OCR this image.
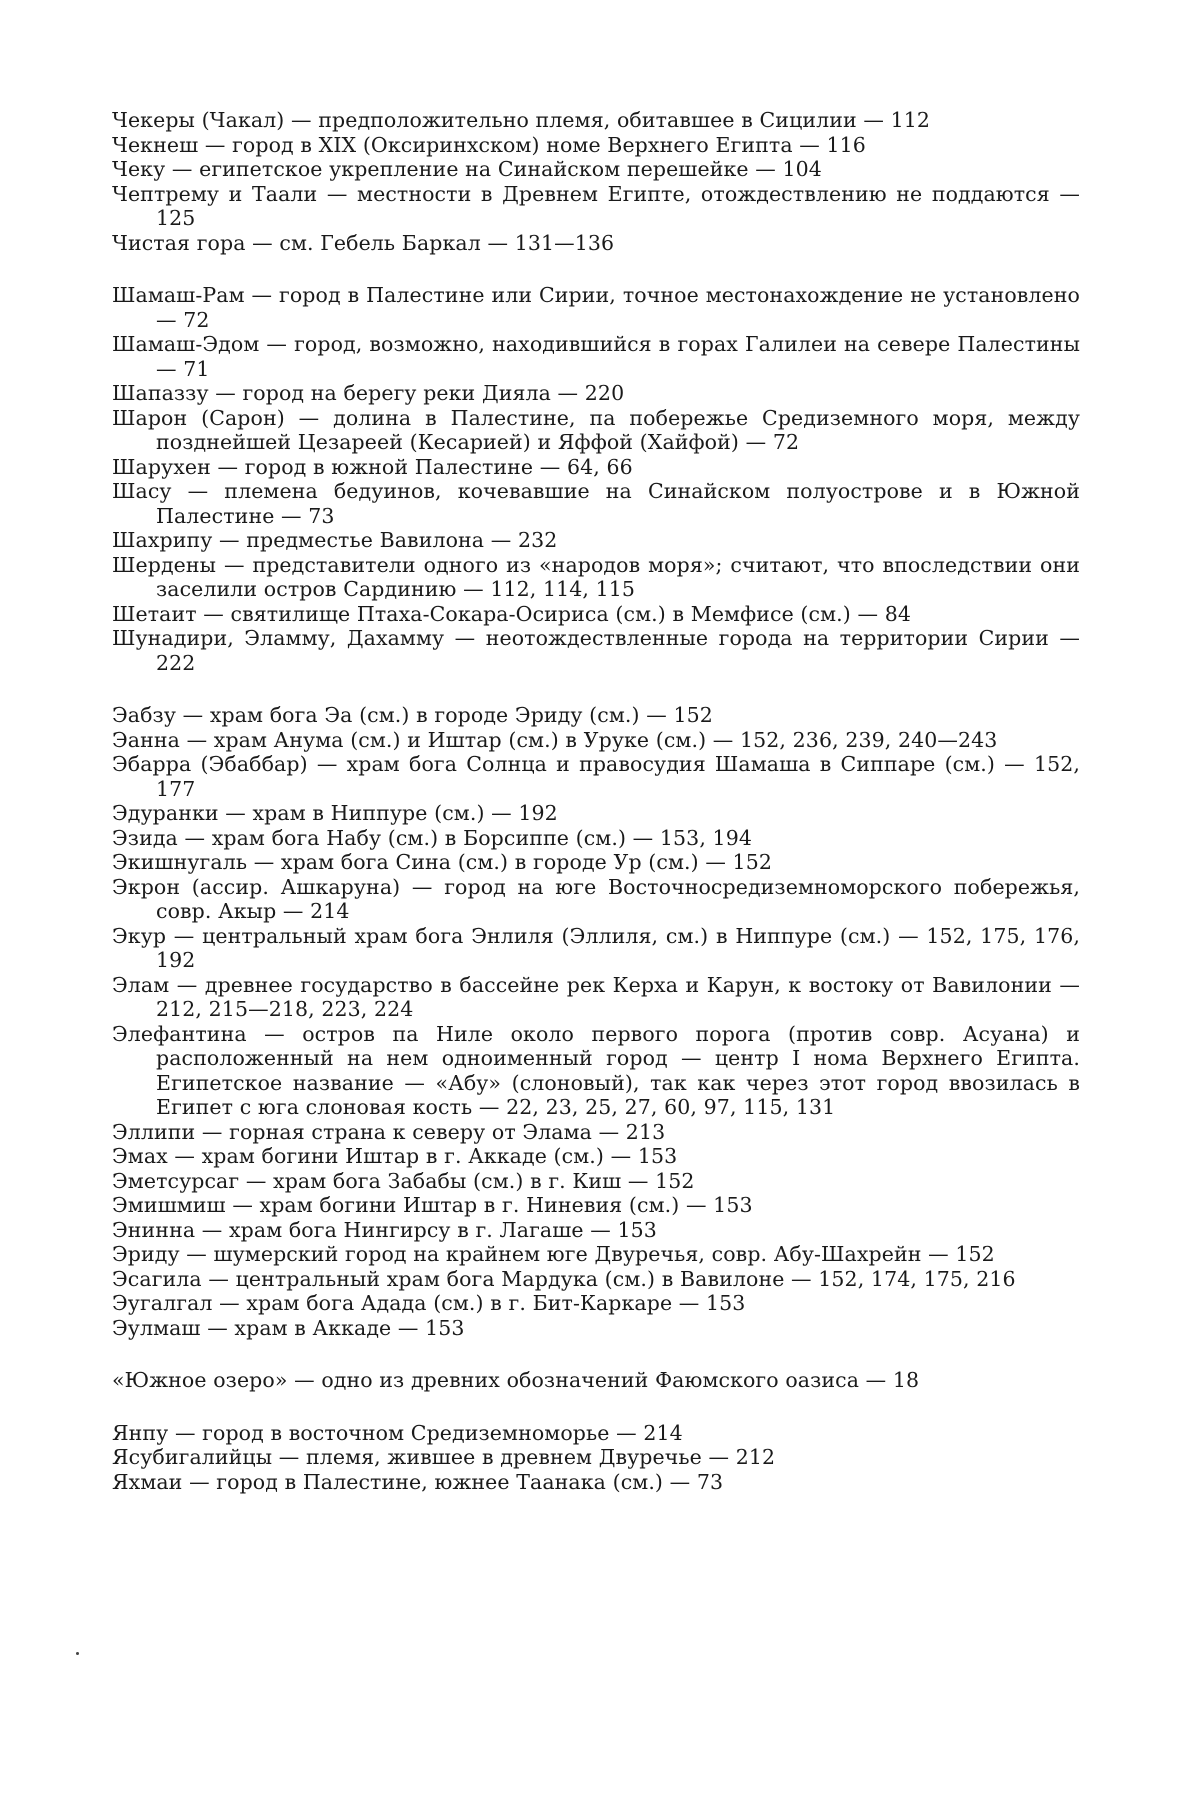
Чекеры (Чакал) — предположительно племя, обитавшее в Сицилии — 112

Чекнеш — город в XIX (Оксиринхском) номе Верхнего Египта — 116

Чеку — египетское укрепление на Синайском перешейке — 104

Чептрему и Таали — местности в Древнем Египте, отождествлению не поддаются — 125

Чистая гора — см. Гебель Баркал — 131—136

Шамаш-Рам — город в Палестине или Сирии, точное местонахождение не установлено — 72

Шамаш-Эдом — город, возможно, находившийся в горах Галилеи на севере Палестины — 71

Шапаззу — город на берегу реки Дияла — 220

Шарон (Сарон) — долина в Палестине, па побережье Средиземного моря, между позднейшей Цезареей (Кесарией) и Яффой (Хайфой) — 72

Шарухен — город в южной Палестине — 64, 66

Шасу — племена бедуинов, кочевавшие на Синайском полуострове и в Южной Палестине — 73

Шахрипу — предместье Вавилона — 232

Шердены — представители одного из «народов моря»; считают, что впоследствии они заселили остров Сардинию — 112, 114, 115

Шетаит — святилище Птаха-Сокара-Осириса (см.) в Мемфисе (см.) — 84

Шунадири, Эламму, Дахамму — неотождествленные города на территории Сирии — 222

Эабзу — храм бога Эа (см.) в городе Эриду (см.) — 152

Эанна — храм Анума (см.) и Иштар (см.) в Уруке (см.) — 152, 236, 239, 240—243

Эбарра (Эбаббар) — храм бога Солнца и правосудия Шамаша в Сиппаре (см.) — 152, 177

Эдуранки — храм в Ниппуре (см.) — 192

Эзида — храм бога Набу (см.) в Борсиппе (см.) — 153, 194

Экишнугаль — храм бога Сина (см.) в городе Ур (см.) — 152

Экрон (ассир. Ашкаруна) — город на юге Восточносредиземноморского побережья, совр. Акыр — 214

Экур — центральный храм бога Энлиля (Эллиля, см.) в Ниппуре (см.) — 152, 175, 176, 192

Элам — древнее государство в бассейне рек Керха и Карун, к востоку от Вавилонии — 212, 215—218, 223, 224

Элефантина — остров па Ниле около первого порога (против совр. Асуана) и расположенный на нем одноименный город — центр I нома Верхнего Египта. Египетское название — «Абу» (слоновый), так как через этот город ввозилась в Египет с юга слоновая кость — 22, 23, 25, 27, 60, 97, 115, 131

Эллипи — горная страна к северу от Элама — 213

Эмах — храм богини Иштар в г. Аккаде (см.) — 153

Эметсурсаг — храм бога Забабы (см.) в г. Киш — 152

Эмишмиш — храм богини Иштар в г. Ниневия (см.) — 153

Энинна — храм бога Нингирсу в г. Лагаше — 153

Эриду — шумерский город на крайнем юге Двуречья, совр. Абу-Шахрейн — 152

Эсагила — центральный храм бога Мардука (см.) в Вавилоне — 152, 174, 175, 216

Эугалгал — храм бога Адада (см.) в г. Бит-Каркаре — 153

Эулмаш — храм в Аккаде — 153

«Южное озеро» — одно из древних обозначений Фаюмского оазиса — 18

Янпу — город в восточном Средиземноморье — 214

Ясубигалийцы — племя, жившее в древнем Двуречье — 212

Яхмаи — город в Палестине, южнее Таанака (см.) — 73
